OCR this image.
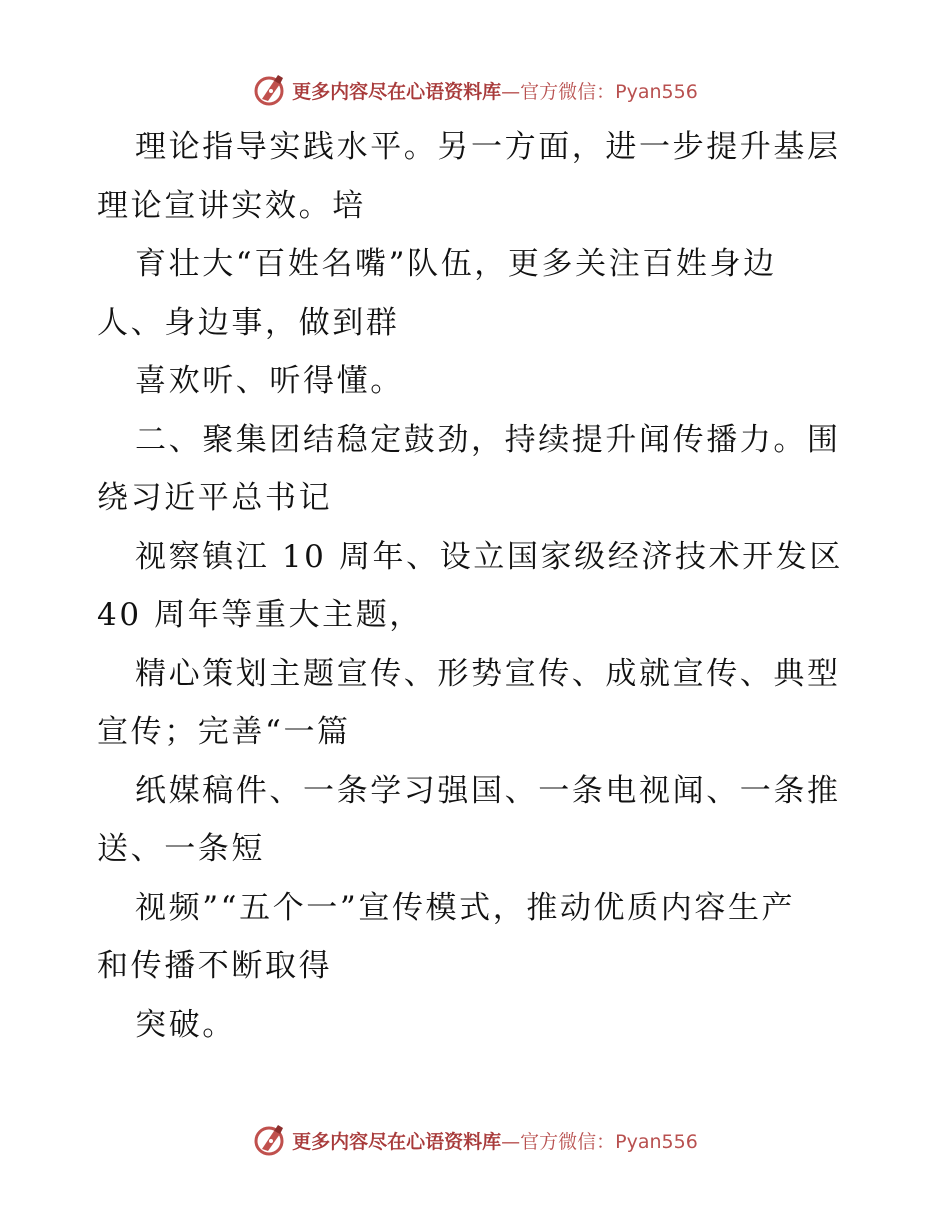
更多内容尽在心语资料库—官方微信：Pyan556
理论指导实践水平。另一方面，进一步提升基层
理论宣讲实效。培
育壮大“百姓名嘴”队伍，更多关注百姓身边
人、身边事，做到群
喜欢听、听得懂。
二、聚集团结稳定鼓劲，持续提升闻传播力。围
绕习近平总书记
视察镇江 10 周年、设立国家级经济技术开发区
40 周年等重大主题，
精心策划主题宣传、形势宣传、成就宣传、典型
宣传；完善“一篇
纸媒稿件、一条学习强国、一条电视闻、一条推
送、一条短
视频”“五个一”宣传模式，推动优质内容生产
和传播不断取得
突破。
更多内容尽在心语资料库—官方微信：Pyan556
